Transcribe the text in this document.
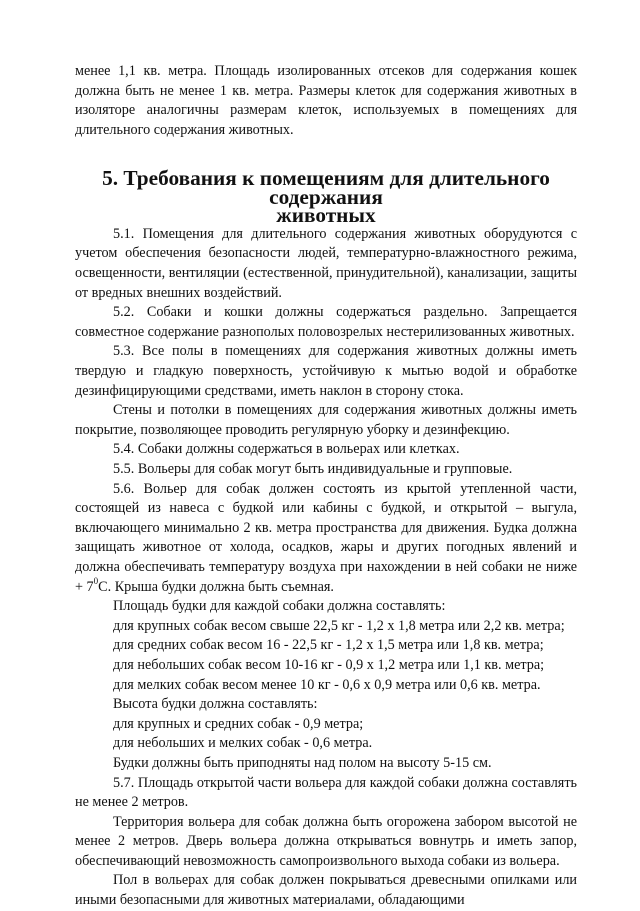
менее 1,1 кв. метра. Площадь изолированных отсеков для содержания кошек должна быть не менее 1 кв. метра. Размеры клеток для содержания животных в изоляторе аналогичны размерам клеток, используемых в помещениях для длительного содержания животных.

5. Требования к помещениям для длительного содержания
животных

5.1. Помещения для длительного содержания животных оборудуются с учетом обеспечения безопасности людей, температурно-влажностного режима, освещенности, вентиляции (естественной, принудительной), канализации, защиты от вредных внешних воздействий.

5.2. Собаки и кошки должны содержаться раздельно. Запрещается совместное содержание разнополых половозрелых нестерилизованных животных.

5.3. Все полы в помещениях для содержания животных должны иметь твердую и гладкую поверхность, устойчивую к мытью водой и обработке дезинфицирующими средствами, иметь наклон в сторону стока.

Стены и потолки в помещениях для содержания животных должны иметь покрытие, позволяющее проводить регулярную уборку и дезинфекцию.

5.4. Собаки должны содержаться в вольерах или клетках.

5.5. Вольеры для собак могут быть индивидуальные и групповые.

5.6. Вольер для собак должен состоять из крытой утепленной части, состоящей из навеса с будкой или кабины с будкой, и открытой – выгула, включающего минимально 2 кв. метра пространства для движения. Будка должна защищать животное от холода, осадков, жары и других погодных явлений и должна обеспечивать температуру воздуха при нахождении в ней собаки не ниже + $7^0С$. Крыша будки должна быть съемная.

Площадь будки для каждой собаки должна составлять:

для крупных собак весом свыше 22,5 кг - 1,2 х 1,8 метра или 2,2 кв. метра;

для средних собак весом 16 - 22,5 кг - 1,2 х 1,5 метра или 1,8 кв. метра;

для небольших собак весом 10-16 кг - 0,9 х 1,2 метра или 1,1 кв. метра;

для мелких собак весом менее 10 кг - 0,6 х 0,9 метра или 0,6 кв. метра.

Высота будки должна составлять:

для крупных и средних собак - 0,9 метра;

для небольших и мелких собак - 0,6 метра.

Будки должны быть приподняты над полом на высоту 5-15 см.

5.7. Площадь открытой части вольера для каждой собаки должна составлять не менее 2 метров.

Территория вольера для собак должна быть огорожена забором высотой не менее 2 метров. Дверь вольера должна открываться вовнутрь и иметь запор, обеспечивающий невозможность самопроизвольного выхода собаки из вольера.

Пол в вольерах для собак должен покрываться древесными опилками или иными безопасными для животных материалами, обладающими
